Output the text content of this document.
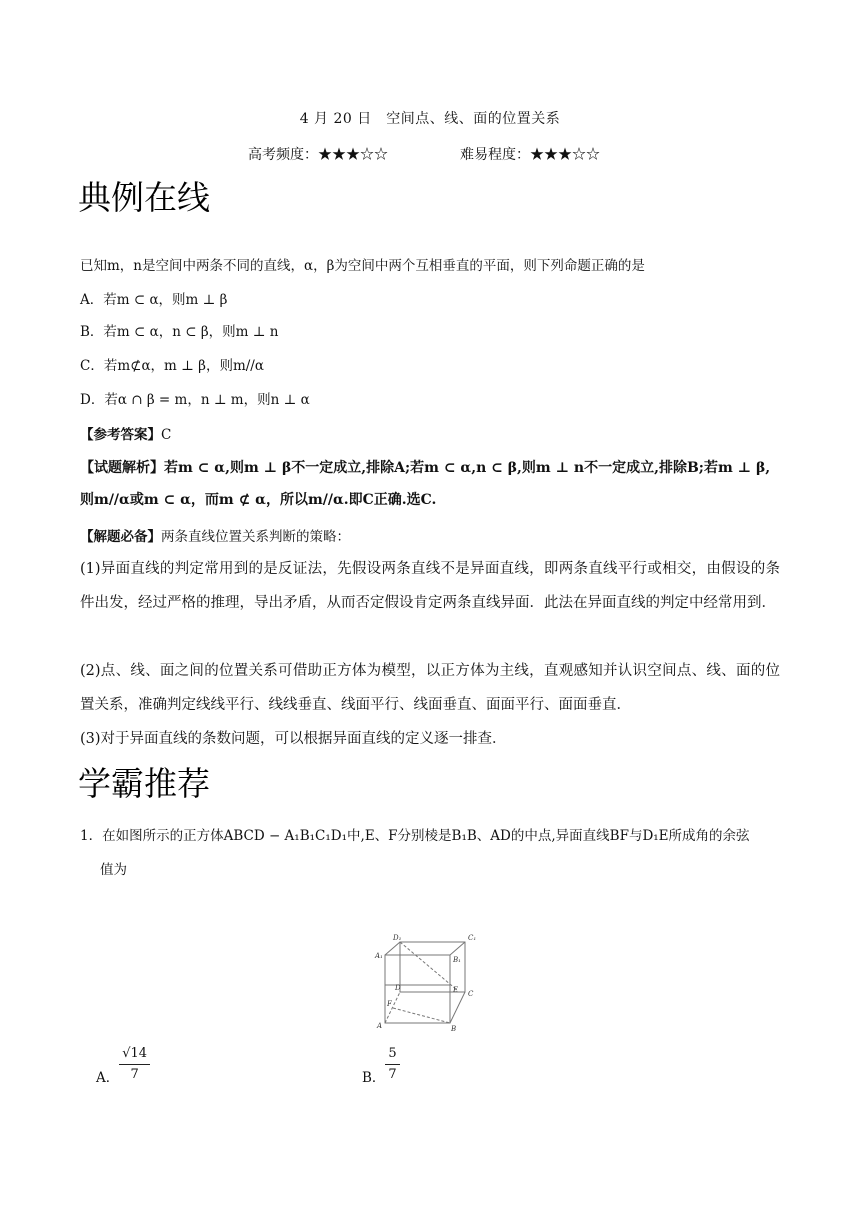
4 月 20 日　空间点、线、面的位置关系
高考频度：★★★☆☆	难易程度：★★★☆☆
典例在线
已知m，n是空间中两条不同的直线，α，β为空间中两个互相垂直的平面，则下列命题正确的是
A．若m ⊂ α，则m ⊥ β
B．若m ⊂ α，n ⊂ β，则m ⊥ n
C．若m⊄α，m ⊥ β，则m//α
D．若α ∩ β = m，n ⊥ m，则n ⊥ α
【参考答案】C
【试题解析】若m ⊂ α,则m ⊥ β不一定成立,排除A;若m ⊂ α,n ⊂ β,则m ⊥ n不一定成立,排除B;若m ⊥ β,
则m//α或m ⊂ α，而m ⊄ α，所以m//α.即C正确.选C.
【解题必备】两条直线位置关系判断的策略：
(1)异面直线的判定常用到的是反证法，先假设两条直线不是异面直线，即两条直线平行或相交，由假设的条件出发，经过严格的推理，导出矛盾，从而否定假设肯定两条直线异面．此法在异面直线的判定中经常用到．
(2)点、线、面之间的位置关系可借助正方体为模型，以正方体为主线，直观感知并认识空间点、线、面的位置关系，准确判定线线平行、线线垂直、线面平行、线面垂直、面面平行、面面垂直．
(3)对于异面直线的条数问题，可以根据异面直线的定义逐一排查．
学霸推荐
1．在如图所示的正方体ABCD − A₁B₁C₁D₁中,E、F分别棱是B₁B、AD的中点,异面直线BF与D₁E所成角的余弦
值为
D₁	C₁
A₁	B₁
D	E C
F
A	B
A． $\frac{√14}{7}$	B． $\frac{5}{7}$
